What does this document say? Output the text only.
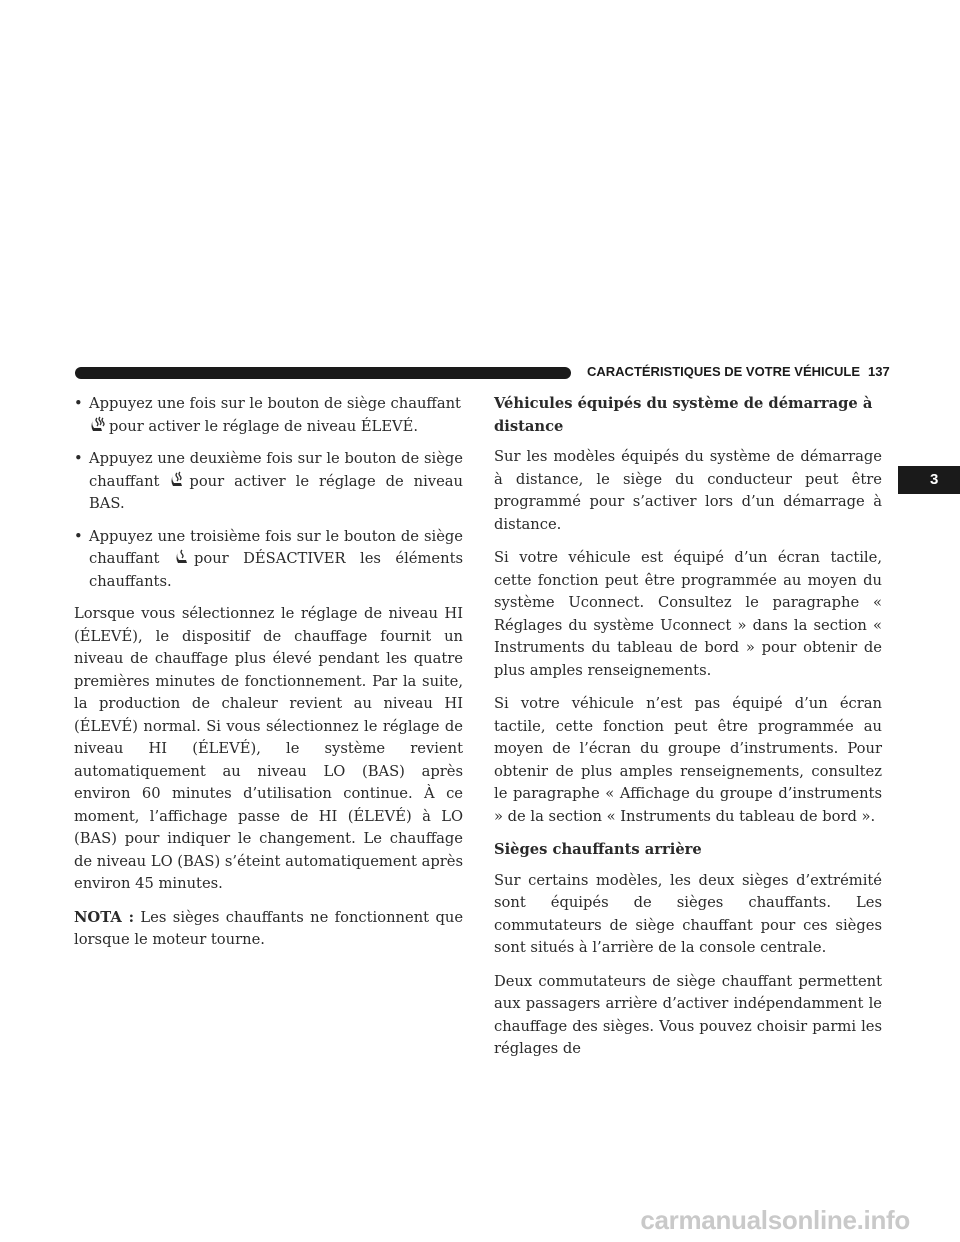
CARACTÉRISTIQUES DE VOTRE VÉHICULE 137
3
• Appuyez une fois sur le bouton de siège chauffant
pour activer le réglage de niveau ÉLEVÉ.
• Appuyez une deuxième fois sur le bouton de siège chauffant pour activer le réglage de niveau BAS.
• Appuyez une troisième fois sur le bouton de siège chauffant pour DÉSACTIVER les éléments chauffants.

Lorsque vous sélectionnez le réglage de niveau HI (ÉLEVÉ), le dispositif de chauffage fournit un niveau de chauffage plus élevé pendant les quatre premières minutes de fonctionnement. Par la suite, la production de chaleur revient au niveau HI (ÉLEVÉ) normal. Si vous sélectionnez le réglage de niveau HI (ÉLEVÉ), le système revient automatiquement au niveau LO (BAS) après environ 60 minutes d’utilisation continue. À ce moment, l’affichage passe de HI (ÉLEVÉ) à LO (BAS) pour indiquer le changement. Le chauffage de niveau LO (BAS) s’éteint automatiquement après environ 45 minutes.

NOTA : Les sièges chauffants ne fonctionnent que lorsque le moteur tourne.

Véhicules équipés du système de démarrage à distance

Sur les modèles équipés du système de démarrage à distance, le siège du conducteur peut être programmé pour s’activer lors d’un démarrage à distance.

Si votre véhicule est équipé d’un écran tactile, cette fonction peut être programmée au moyen du système Uconnect. Consultez le paragraphe « Réglages du système Uconnect » dans la section « Instruments du tableau de bord » pour obtenir de plus amples renseignements.

Si votre véhicule n’est pas équipé d’un écran tactile, cette fonction peut être programmée au moyen de l’écran du groupe d’instruments. Pour obtenir de plus amples renseignements, consultez le paragraphe « Affichage du groupe d’instruments » de la section « Instruments du tableau de bord ».

Sièges chauffants arrière

Sur certains modèles, les deux sièges d’extrémité sont équipés de sièges chauffants. Les commutateurs de siège chauffant pour ces sièges sont situés à l’arrière de la console centrale.

Deux commutateurs de siège chauffant permettent aux passagers arrière d’activer indépendamment le chauffage des sièges. Vous pouvez choisir parmi les réglages de

carmanualsonline.info
